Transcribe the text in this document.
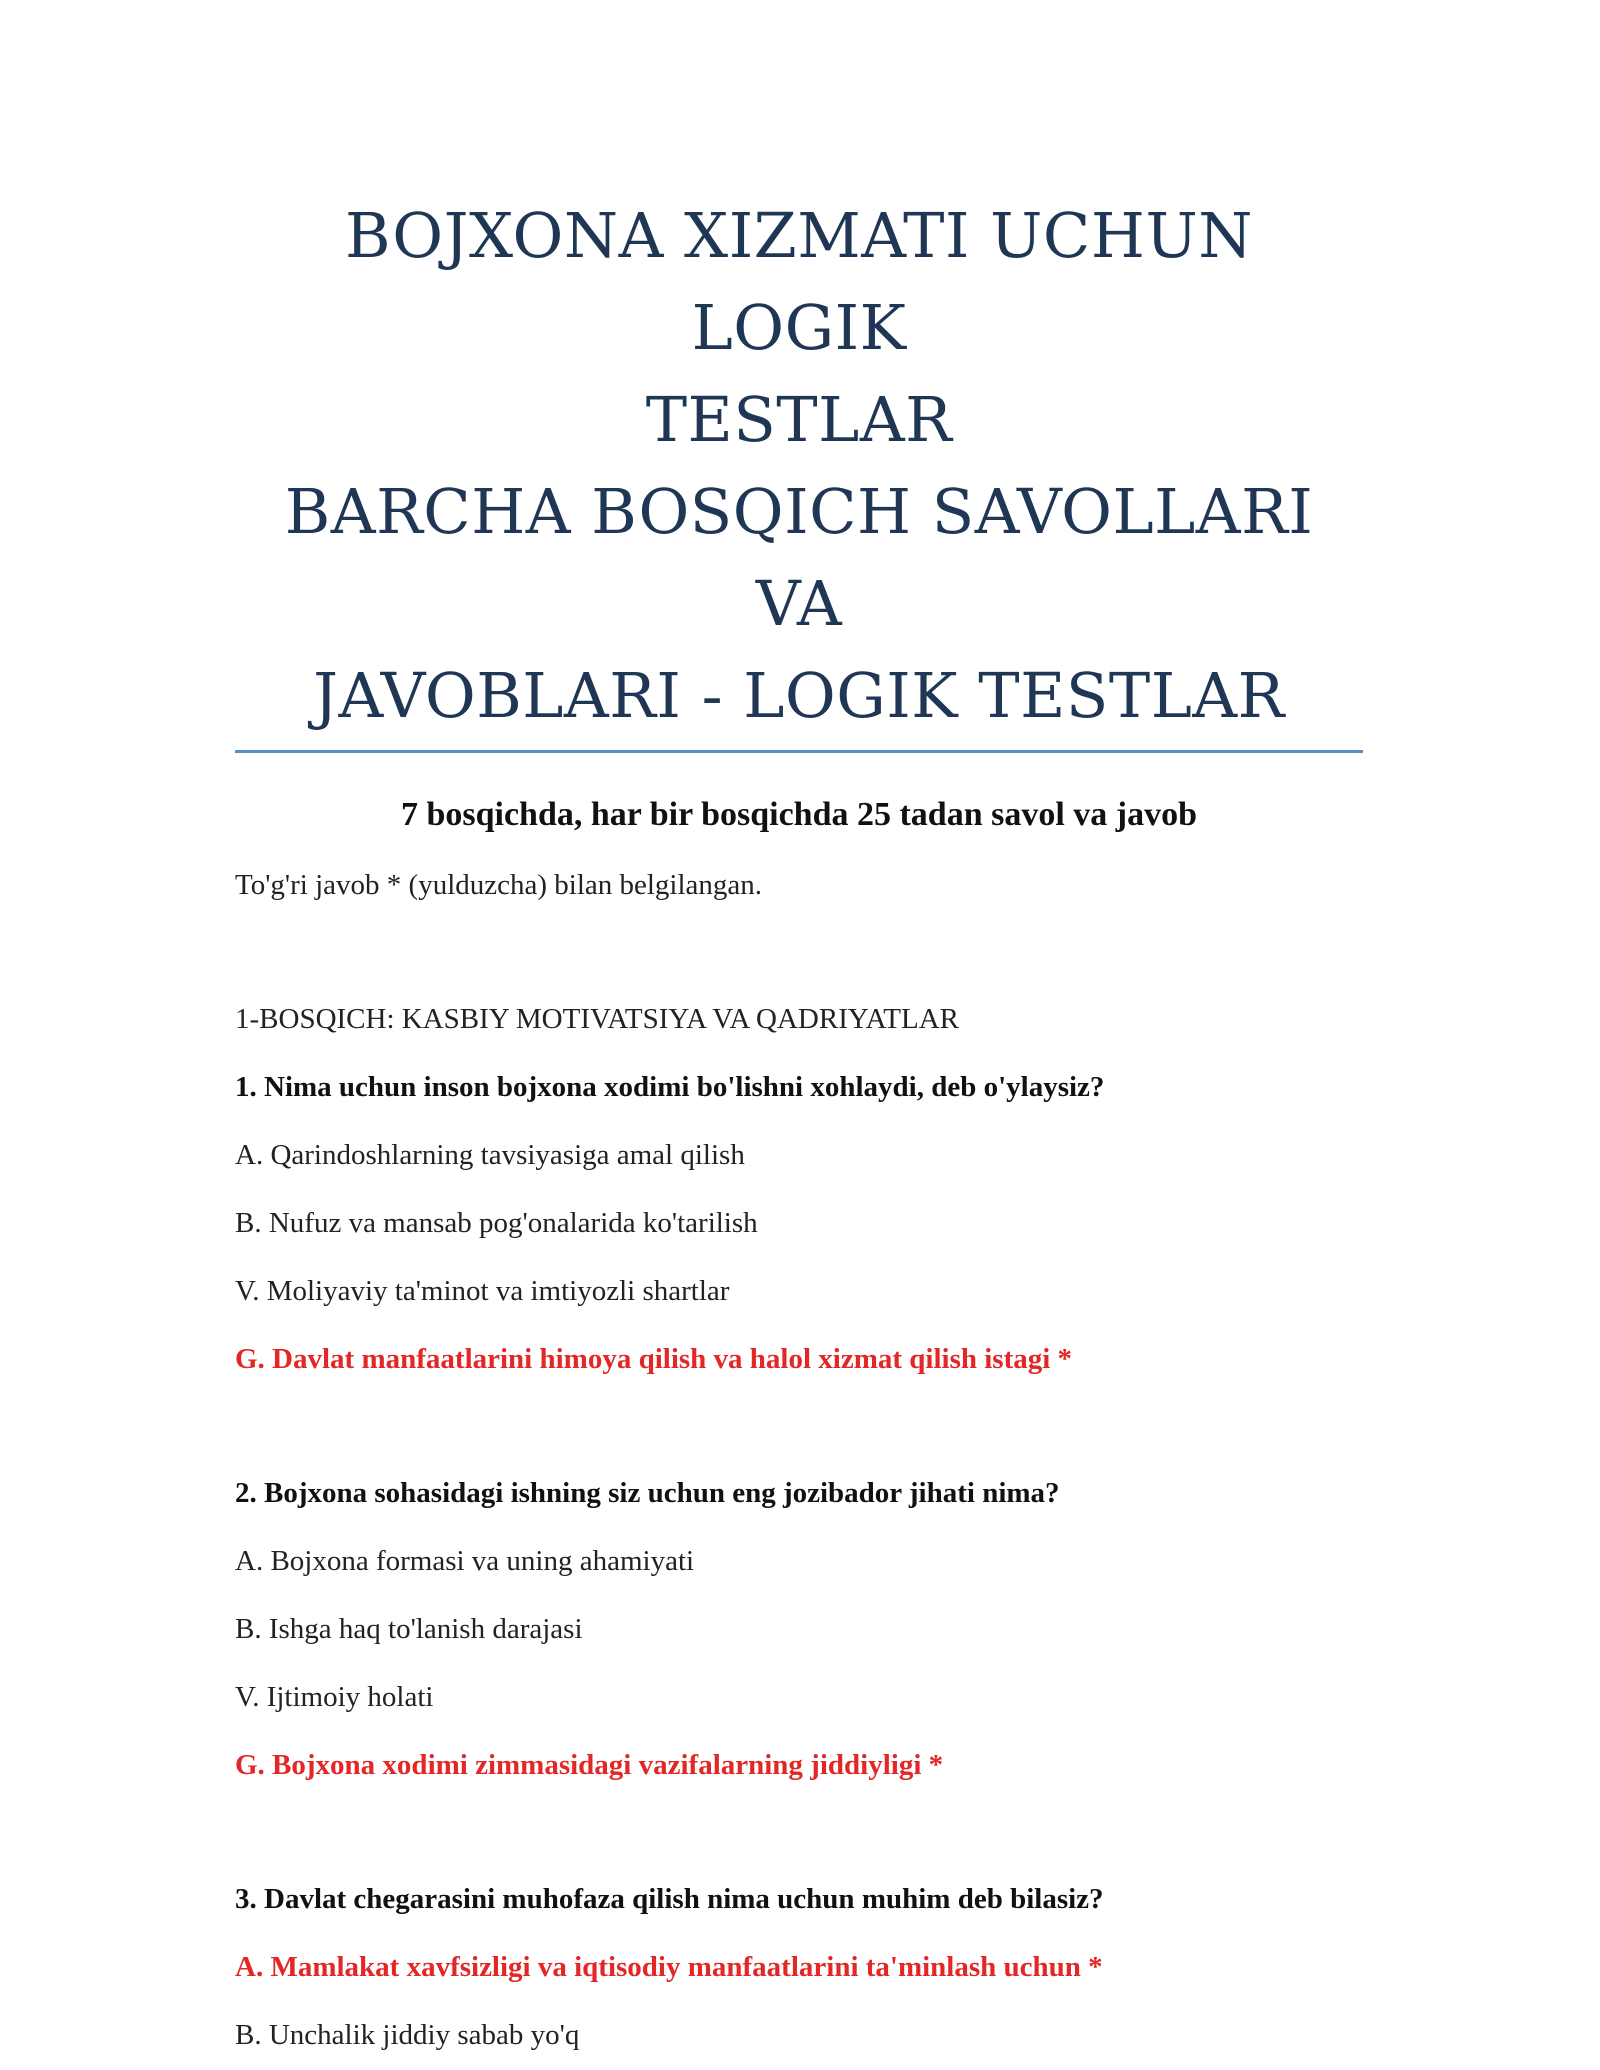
BOJXONA XIZMATI UCHUN LOGIK
TESTLAR
BARCHA BOSQICH SAVOLLARI VA
JAVOBLARI - LOGIK TESTLAR
7 bosqichda, har bir bosqichda 25 tadan savol va javob
To'g'ri javob * (yulduzcha) bilan belgilangan.
1-BOSQICH: KASBIY MOTIVATSIYA VA QADRIYATLAR

1. Nima uchun inson bojxona xodimi bo'lishni xohlaydi, deb o'ylaysiz?

A. Qarindoshlarning tavsiyasiga amal qilish
B. Nufuz va mansab pog'onalarida ko'tarilish
V. Moliyaviy ta'minot va imtiyozli shartlar
G. Davlat manfaatlarini himoya qilish va halol xizmat qilish istagi *

2. Bojxona sohasidagi ishning siz uchun eng jozibador jihati nima?

A. Bojxona formasi va uning ahamiyati
B. Ishga haq to'lanish darajasi
V. Ijtimoiy holati
G. Bojxona xodimi zimmasidagi vazifalarning jiddiyligi *

3. Davlat chegarasini muhofaza qilish nima uchun muhim deb bilasiz?

A. Mamlakat xavfsizligi va iqtisodiy manfaatlarini ta'minlash uchun *
B. Unchalik jiddiy sabab yo'q
